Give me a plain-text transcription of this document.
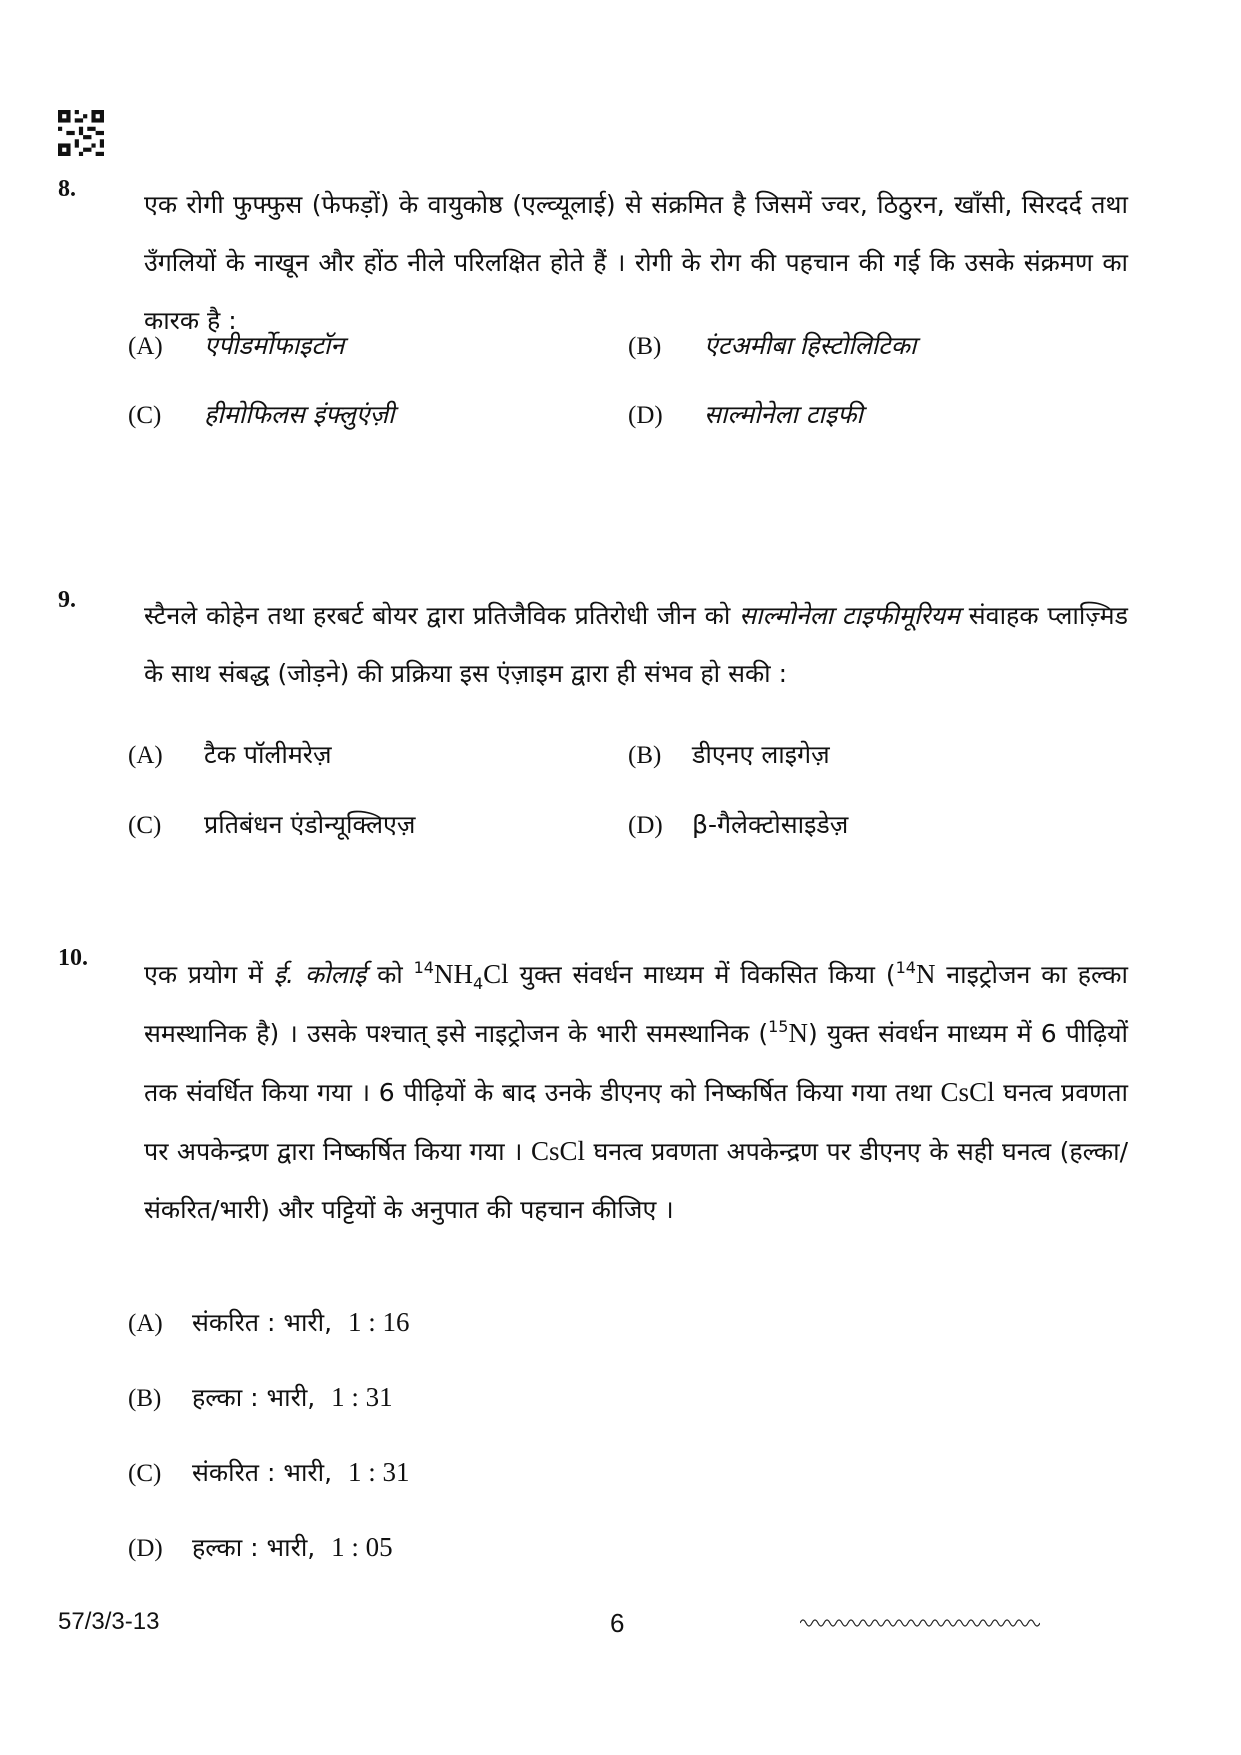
8.
एक रोगी फुफ्फुस (फेफड़ों) के वायुकोष्ठ (एल्व्यूलाई) से संक्रमित है जिसमें ज्वर, ठिठुरन, खाँसी, सिरदर्द तथा उँगलियों के नाखून और होंठ नीले परिलक्षित होते हैं । रोगी के रोग की पहचान की गई कि उसके संक्रमण का कारक है :
(A) एपीडर्मोफाइटॉन	(B) एंटअमीबा हिस्टोलिटिका
(C) हीमोफिलस इंफ्लुएंज़ी	(D) साल्मोनेला टाइफी
9.
स्टैनले कोहेन तथा हरबर्ट बोयर द्वारा प्रतिजैविक प्रतिरोधी जीन को साल्मोनेला टाइफीमूरियम संवाहक प्लाज़्मिड के साथ संबद्ध (जोड़ने) की प्रक्रिया इस एंज़ाइम द्वारा ही संभव हो सकी :
(A) टैक पॉलीमरेज़	(B) डीएनए लाइगेज़
(C) प्रतिबंधन एंडोन्यूक्लिएज़	(D) β-गैलेक्टोसाइडेज़
10.
एक प्रयोग में ई. कोलाई को $^{14}NH_4Cl$ युक्त संवर्धन माध्यम में विकसित किया ($^{14}$N नाइट्रोजन का हल्का समस्थानिक है) । उसके पश्चात् इसे नाइट्रोजन के भारी समस्थानिक ($^{15}$N) युक्त संवर्धन माध्यम में 6 पीढ़ियों तक संवर्धित किया गया । 6 पीढ़ियों के बाद उनके डीएनए को निष्कर्षित किया गया तथा CsCl घनत्व प्रवणता पर अपकेन्द्रण द्वारा निष्कर्षित किया गया । CsCl घनत्व प्रवणता अपकेन्द्रण पर डीएनए के सही घनत्व (हल्का/संकरित/भारी) और पट्टियों के अनुपात की पहचान कीजिए ।
(A) संकरित : भारी, 1 : 16
(B) हल्का : भारी, 1 : 31
(C) संकरित : भारी, 1 : 31
(D) हल्का : भारी, 1 : 05
57/3/3-13	6
